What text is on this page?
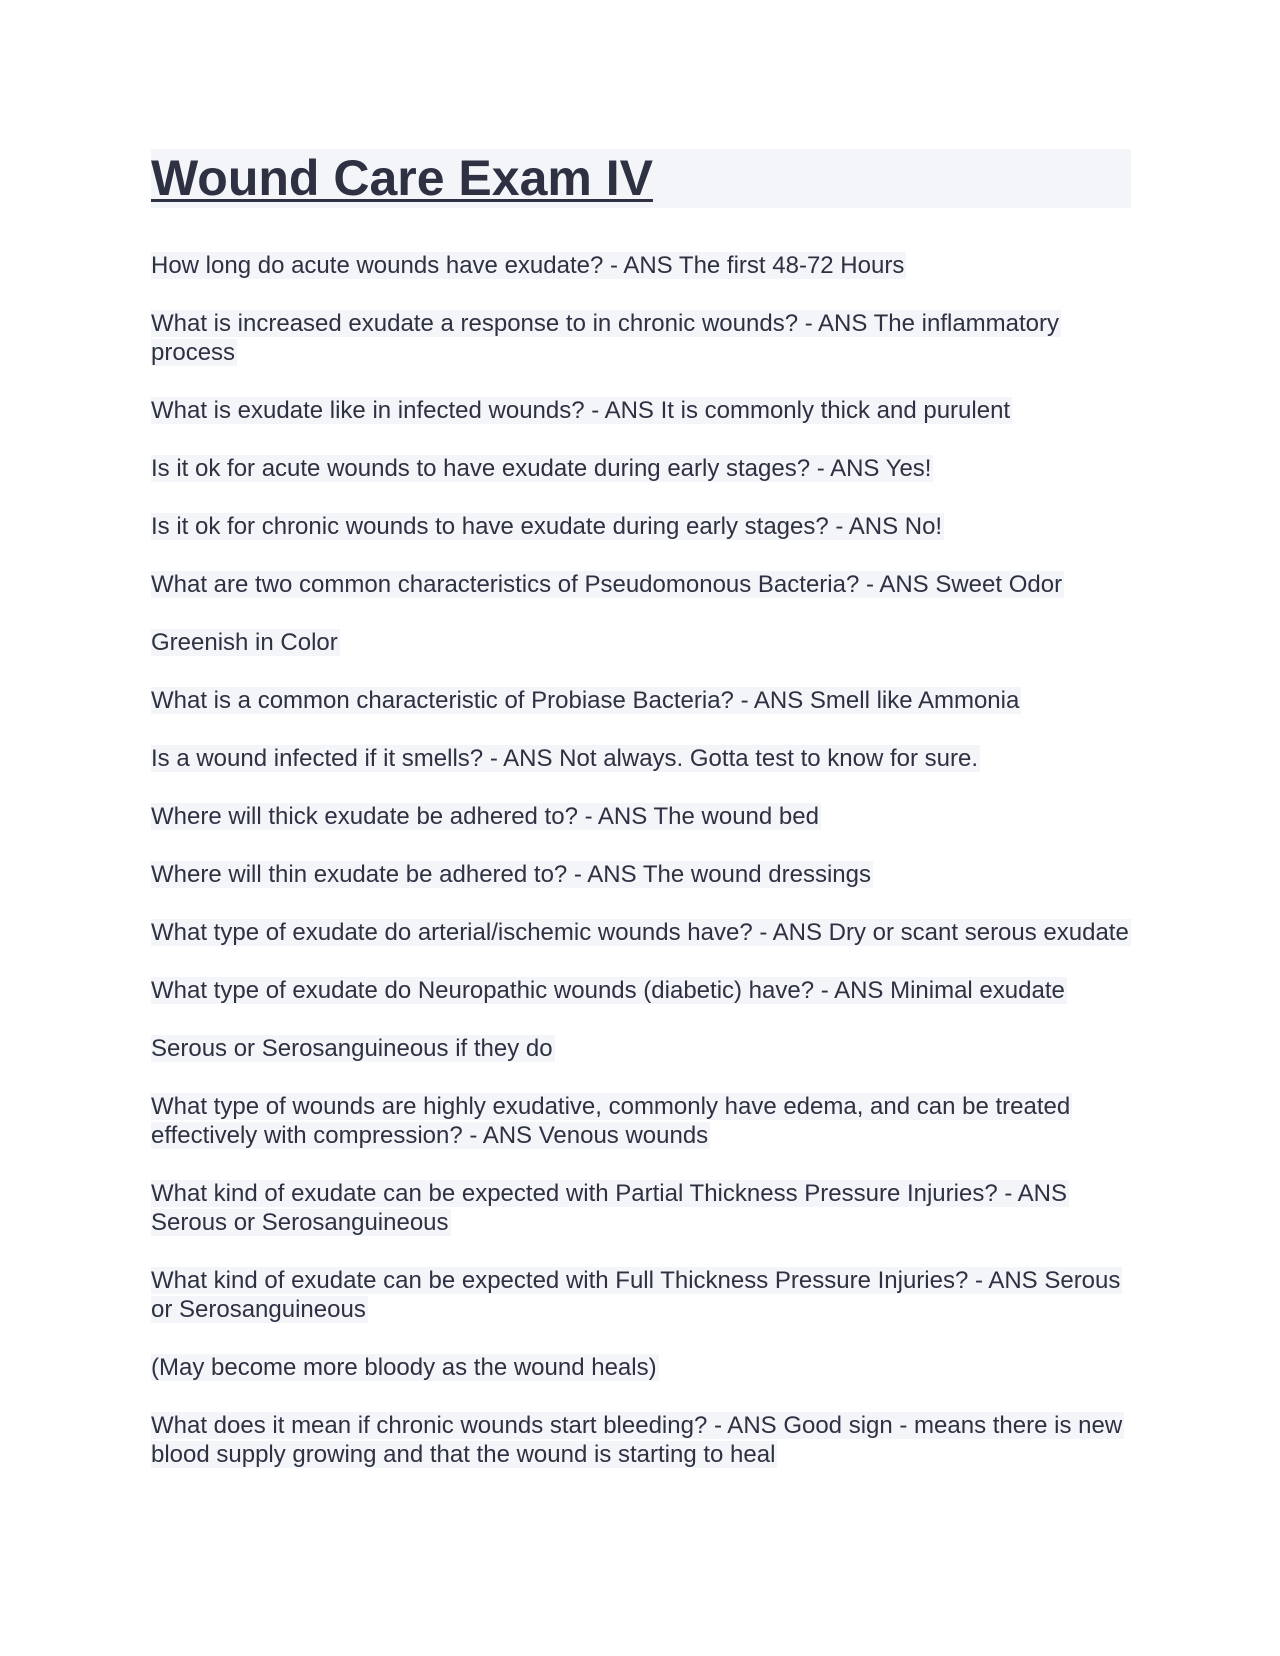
Wound Care Exam IV

How long do acute wounds have exudate? - ANS The first 48-72 Hours

What is increased exudate a response to in chronic wounds? - ANS The inflammatory process

What is exudate like in infected wounds? - ANS It is commonly thick and purulent

Is it ok for acute wounds to have exudate during early stages? - ANS Yes!

Is it ok for chronic wounds to have exudate during early stages? - ANS No!

What are two common characteristics of Pseudomonous Bacteria? - ANS Sweet Odor

Greenish in Color

What is a common characteristic of Probiase Bacteria? - ANS Smell like Ammonia

Is a wound infected if it smells? - ANS Not always. Gotta test to know for sure.

Where will thick exudate be adhered to? - ANS The wound bed

Where will thin exudate be adhered to? - ANS The wound dressings

What type of exudate do arterial/ischemic wounds have? - ANS Dry or scant serous exudate

What type of exudate do Neuropathic wounds (diabetic) have? - ANS Minimal exudate

Serous or Serosanguineous if they do

What type of wounds are highly exudative, commonly have edema, and can be treated effectively with compression? - ANS Venous wounds

What kind of exudate can be expected with Partial Thickness Pressure Injuries? - ANS Serous or Serosanguineous

What kind of exudate can be expected with Full Thickness Pressure Injuries? - ANS Serous or Serosanguineous

(May become more bloody as the wound heals)

What does it mean if chronic wounds start bleeding? - ANS Good sign - means there is new blood supply growing and that the wound is starting to heal
